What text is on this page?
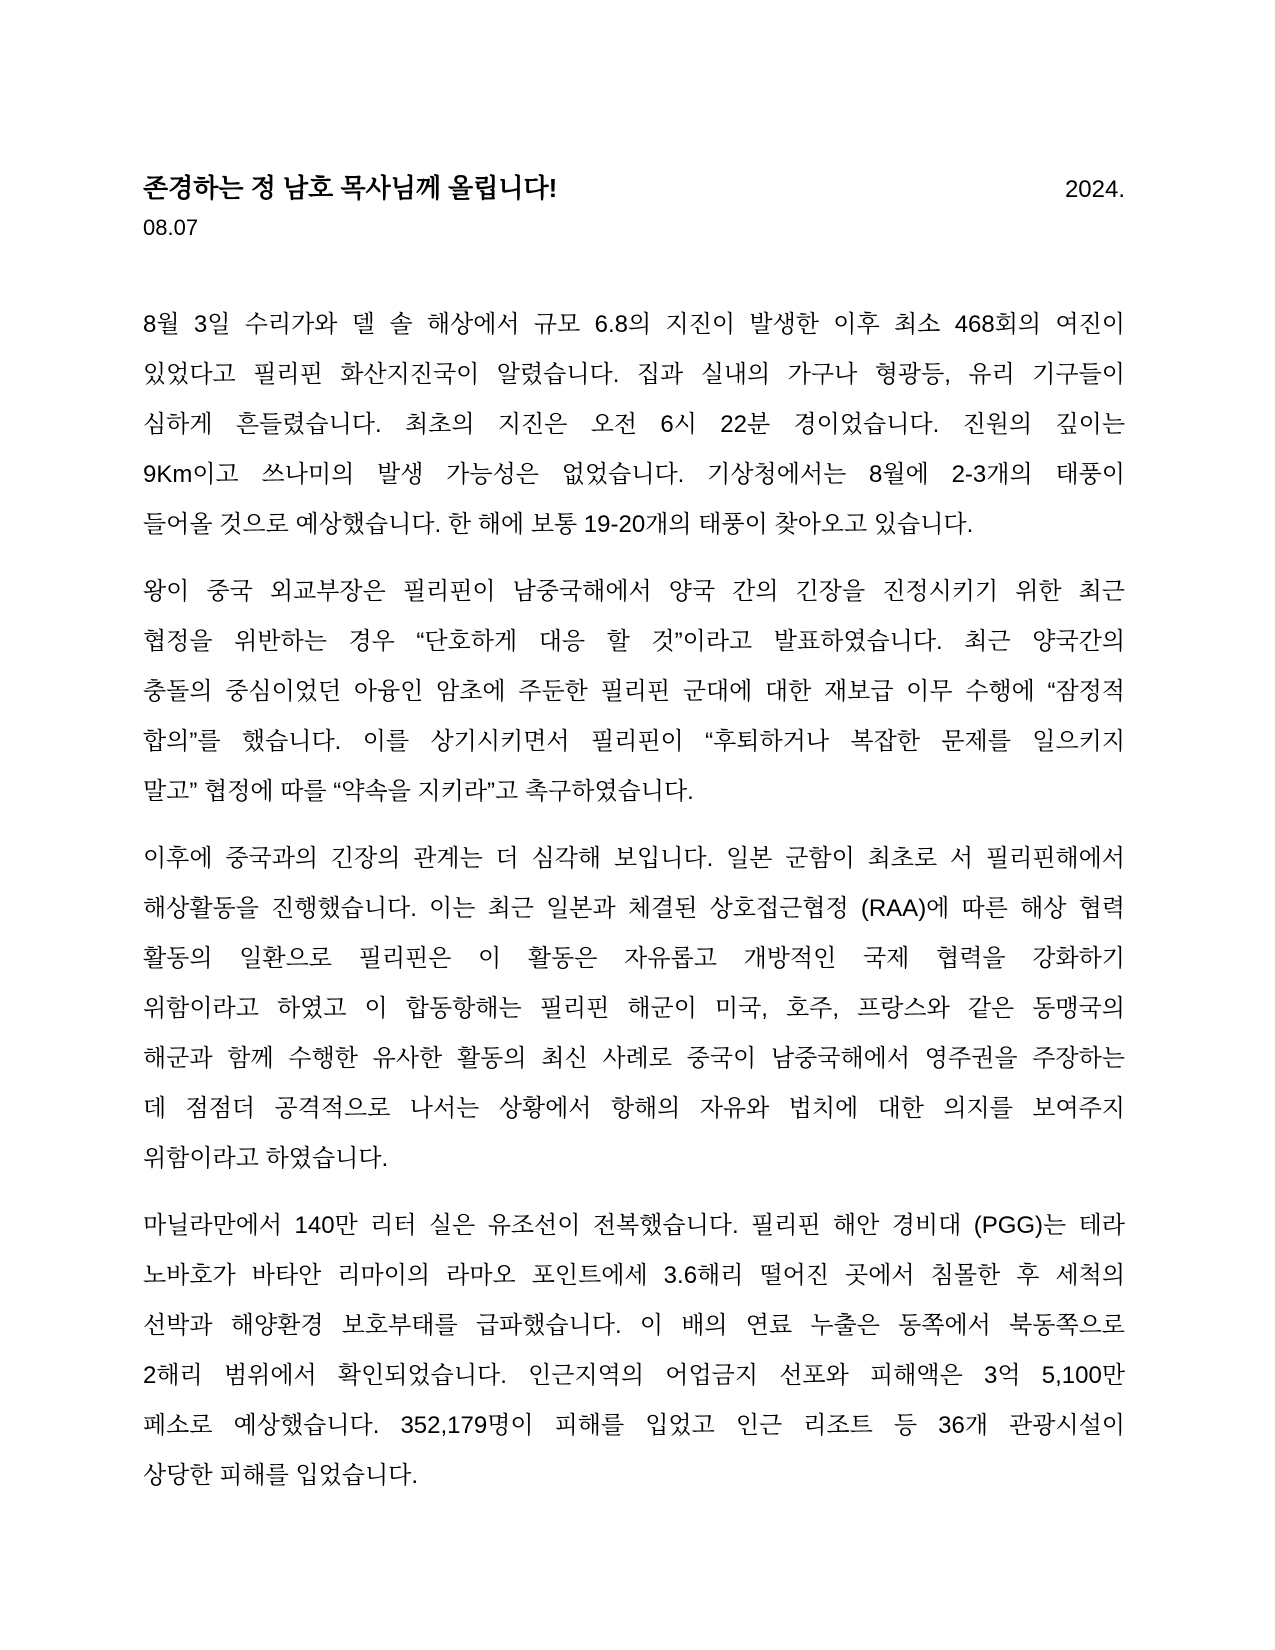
존경하는 정 남호 목사님께 올립니다!	2024.
08.07
8월 3일 수리가와 델 솔 해상에서 규모 6.8의 지진이 발생한 이후 최소 468회의 여진이
있었다고 필리핀 화산지진국이 알렸습니다. 집과 실내의 가구나 형광등, 유리 기구들이
심하게 흔들렸습니다. 최초의 지진은 오전 6시 22분 경이었습니다. 진원의 깊이는
9Km이고 쓰나미의 발생 가능성은 없었습니다. 기상청에서는 8월에 2-3개의 태풍이
들어올 것으로 예상했습니다. 한 해에 보통 19-20개의 태풍이 찾아오고 있습니다.
왕이 중국 외교부장은 필리핀이 남중국해에서 양국 간의 긴장을 진정시키기 위한 최근
협정을 위반하는 경우 “단호하게 대응 할 것”이라고 발표하였습니다. 최근 양국간의
충돌의 중심이었던 아융인 암초에 주둔한 필리핀 군대에 대한 재보급 이무 수행에 “잠정적
합의”를 했습니다. 이를 상기시키면서 필리핀이 “후퇴하거나 복잡한 문제를 일으키지
말고” 협정에 따를 “약속을 지키라”고 촉구하였습니다.
이후에 중국과의 긴장의 관계는 더 심각해 보입니다. 일본 군함이 최초로 서 필리핀해에서
해상활동을 진행했습니다. 이는 최근 일본과 체결된 상호접근협정 (RAA)에 따른 해상 협력
활동의 일환으로 필리핀은 이 활동은 자유롭고 개방적인 국제 협력을 강화하기
위함이라고 하였고 이 합동항해는 필리핀 해군이 미국, 호주, 프랑스와 같은 동맹국의
해군과 함께 수행한 유사한 활동의 최신 사례로 중국이 남중국해에서 영주권을 주장하는
데 점점더 공격적으로 나서는 상황에서 항해의 자유와 법치에 대한 의지를 보여주지
위함이라고 하였습니다.
마닐라만에서 140만 리터 실은 유조선이 전복했습니다. 필리핀 해안 경비대 (PGG)는 테라
노바호가 바타안 리마이의 라마오 포인트에세 3.6해리 떨어진 곳에서 침몰한 후 세척의
선박과 해양환경 보호부태를 급파했습니다. 이 배의 연료 누출은 동쪽에서 북동쪽으로
2해리 범위에서 확인되었습니다. 인근지역의 어업금지 선포와 피해액은 3억 5,100만
페소로 예상했습니다. 352,179명이 피해를 입었고 인근 리조트 등 36개 관광시설이
상당한 피해를 입었습니다.
